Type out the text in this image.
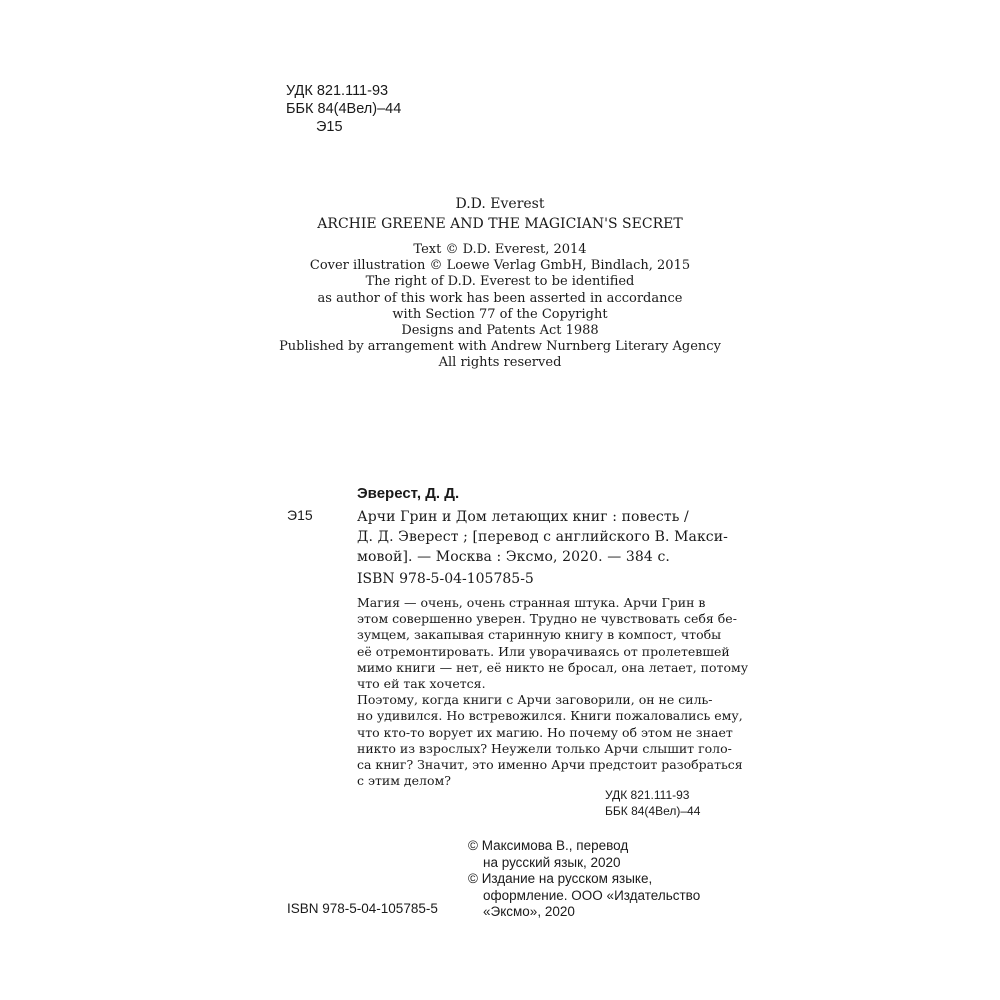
УДК 821.111-93
ББК 84(4Вел)–44
Э15
D.D. Everest
ARCHIE GREENE AND THE MAGICIAN'S SECRET
Text © D.D. Everest, 2014
Cover illustration © Loewe Verlag GmbH, Bindlach, 2015
The right of D.D. Everest to be identified
as author of this work has been asserted in accordance
with Section 77 of the Copyright
Designs and Patents Act 1988
Published by arrangement with Andrew Nurnberg Literary Agency
All rights reserved
Эверест, Д. Д.
Э15	Арчи Грин и Дом летающих книг : повесть /
Д. Д. Эверест ; [перевод с английского В. Макси-
мовой]. — Москва : Эксмо, 2020. — 384 с.
ISBN 978-5-04-105785-5
Магия — очень, очень странная штука. Арчи Грин в
этом совершенно уверен. Трудно не чувствовать себя бе-
зумцем, закапывая старинную книгу в компост, чтобы
её отремонтировать. Или уворачиваясь от пролетевшей
мимо книги — нет, её никто не бросал, она летает, потому
что ей так хочется.
Поэтому, когда книги с Арчи заговорили, он не силь-
но удивился. Но встревожился. Книги пожаловались ему,
что кто-то ворует их магию. Но почему об этом не знает
никто из взрослых? Неужели только Арчи слышит голо-
са книг? Значит, это именно Арчи предстоит разобраться
с этим делом?
УДК 821.111-93
ББК 84(4Вел)–44
© Максимова В., перевод
на русский язык, 2020
© Издание на русском языке,
оформление. ООО «Издательство
«Эксмо», 2020
ISBN 978-5-04-105785-5
